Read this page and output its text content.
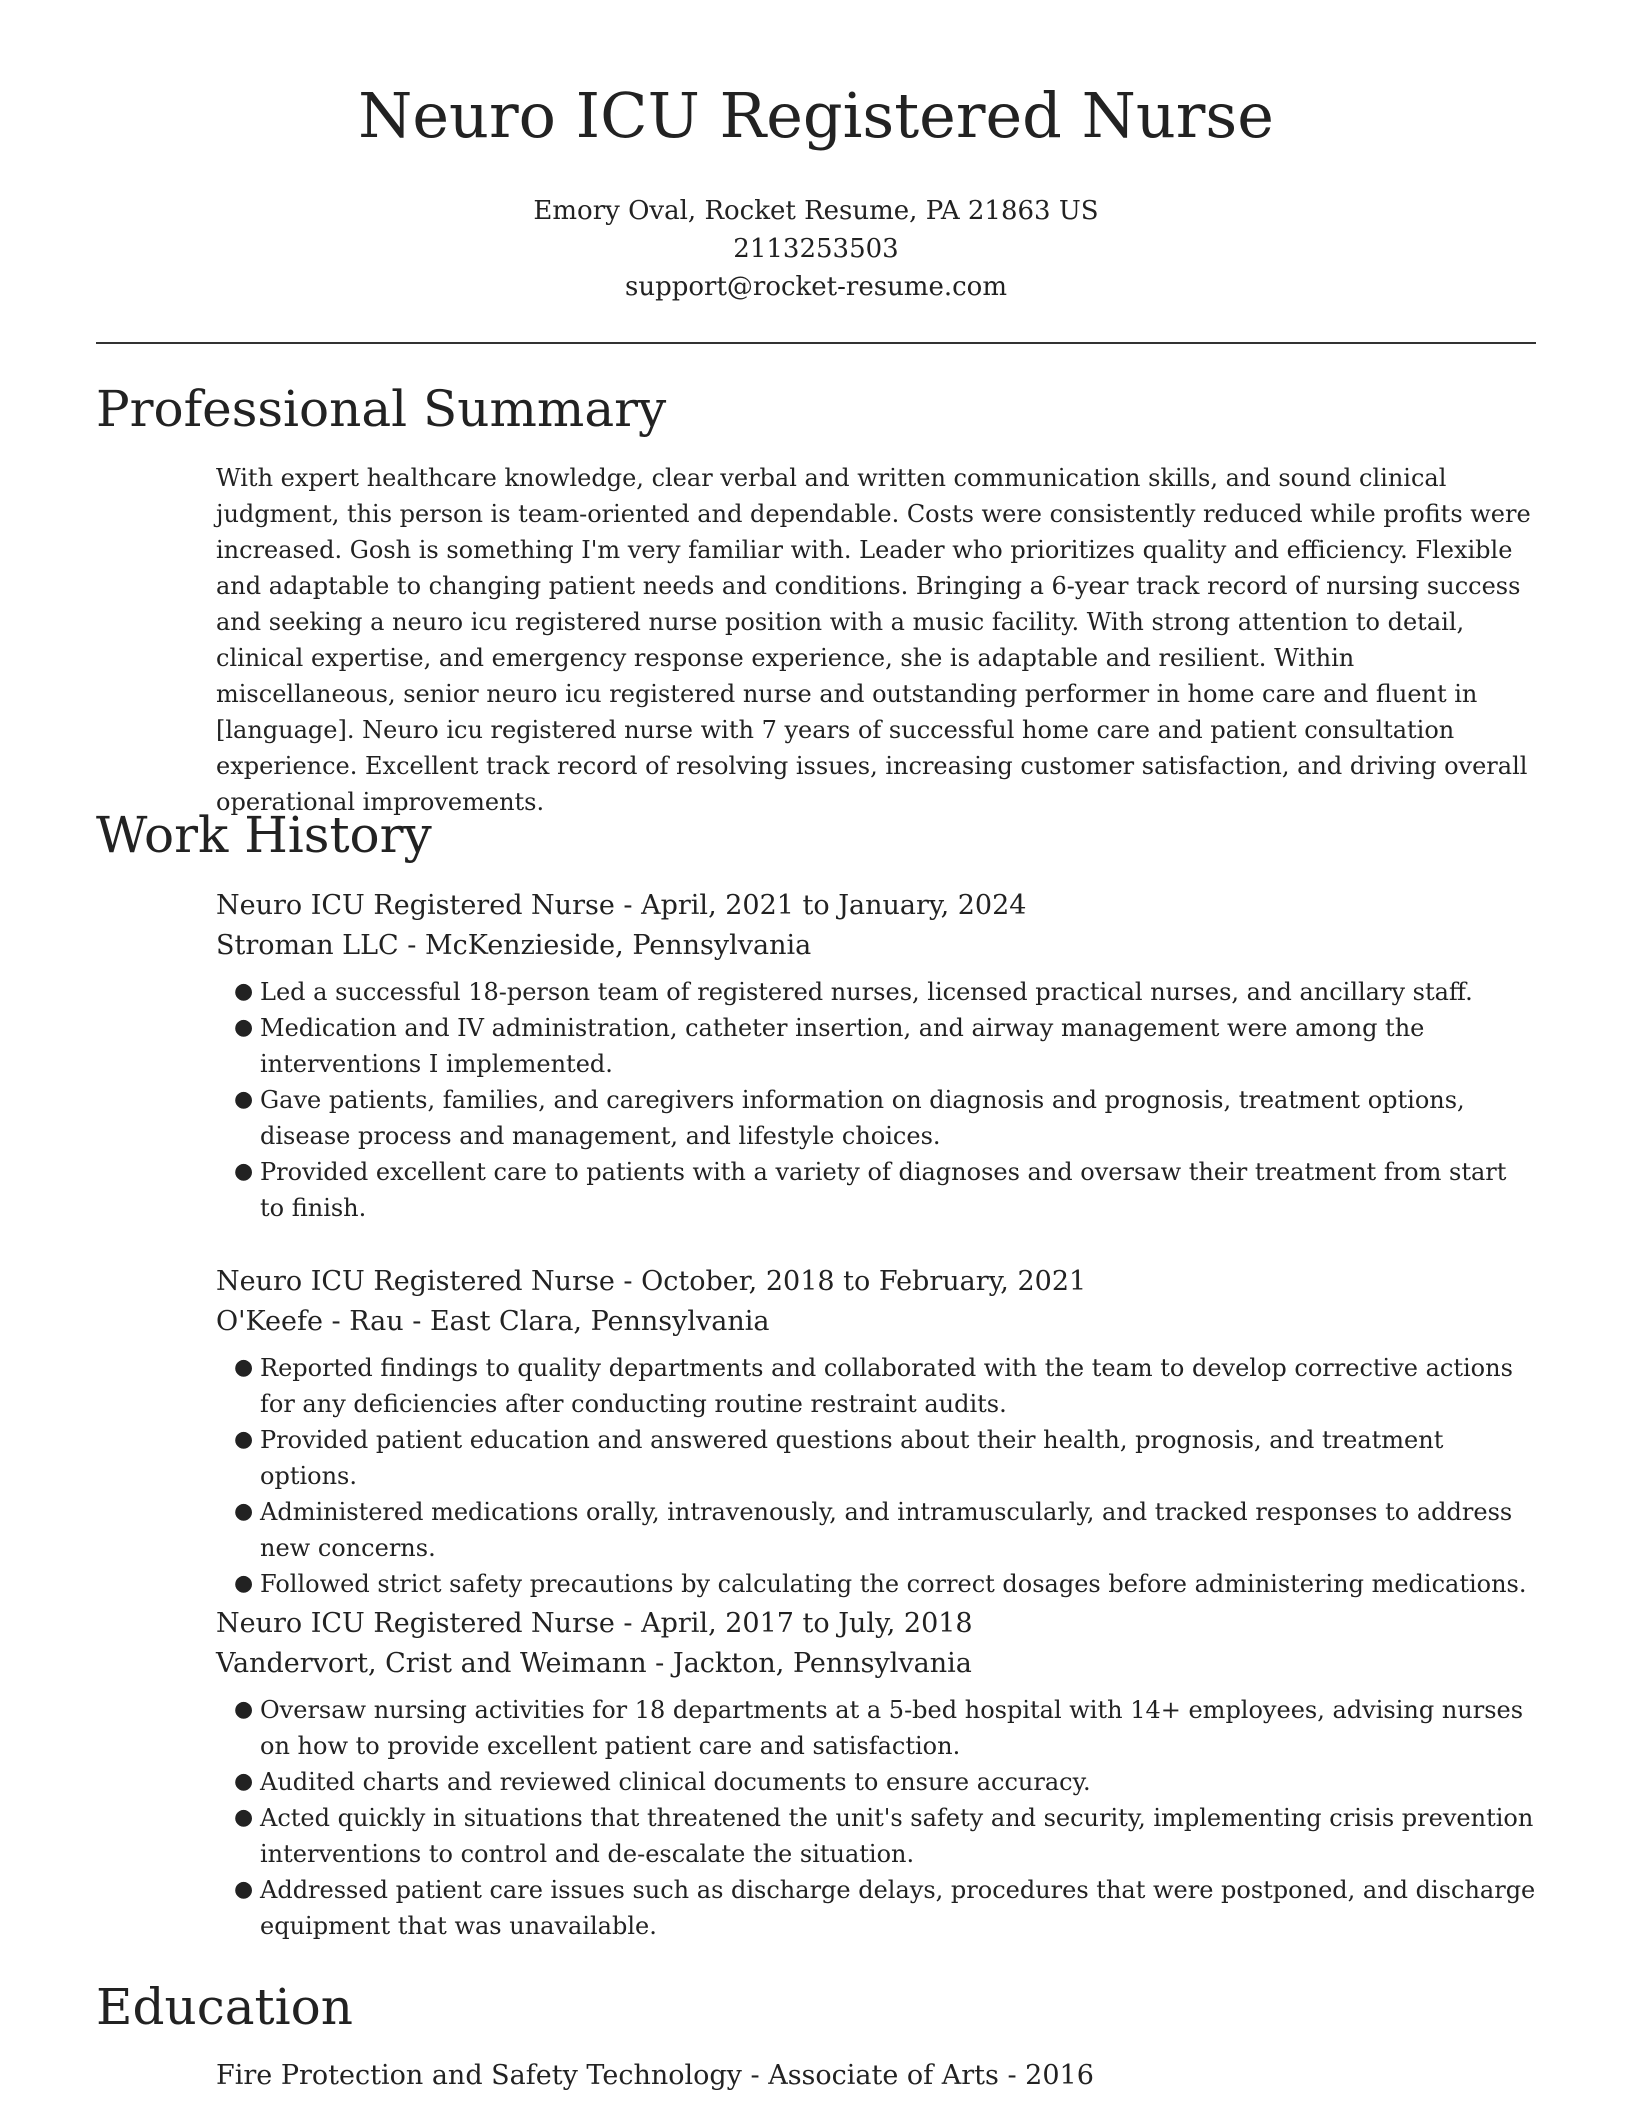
Neuro ICU Registered Nurse
Emory Oval, Rocket Resume, PA 21863 US
2113253503
support@rocket-resume.com
Professional Summary

With expert healthcare knowledge, clear verbal and written communication skills, and sound clinical judgment, this person is team-oriented and dependable. Costs were consistently reduced while profits were increased. Gosh is something I'm very familiar with. Leader who prioritizes quality and efficiency. Flexible and adaptable to changing patient needs and conditions. Bringing a 6-year track record of nursing success and seeking a neuro icu registered nurse position with a music facility. With strong attention to detail, clinical expertise, and emergency response experience, she is adaptable and resilient. Within miscellaneous, senior neuro icu registered nurse and outstanding performer in home care and fluent in [language]. Neuro icu registered nurse with 7 years of successful home care and patient consultation experience. Excellent track record of resolving issues, increasing customer satisfaction, and driving overall operational improvements.

Work History
Neuro ICU Registered Nurse - April, 2021 to January, 2024
Stroman LLC - McKenzieside, Pennsylvania
● Led a successful 18-person team of registered nurses, licensed practical nurses, and ancillary staff.
● Medication and IV administration, catheter insertion, and airway management were among the interventions I implemented.
● Gave patients, families, and caregivers information on diagnosis and prognosis, treatment options, disease process and management, and lifestyle choices.
● Provided excellent care to patients with a variety of diagnoses and oversaw their treatment from start to finish.
Neuro ICU Registered Nurse - October, 2018 to February, 2021
O'Keefe - Rau - East Clara, Pennsylvania
● Reported findings to quality departments and collaborated with the team to develop corrective actions for any deficiencies after conducting routine restraint audits.
● Provided patient education and answered questions about their health, prognosis, and treatment options.
● Administered medications orally, intravenously, and intramuscularly, and tracked responses to address new concerns.
● Followed strict safety precautions by calculating the correct dosages before administering medications.
Neuro ICU Registered Nurse - April, 2017 to July, 2018
Vandervort, Crist and Weimann - Jackton, Pennsylvania
● Oversaw nursing activities for 18 departments at a 5-bed hospital with 14+ employees, advising nurses on how to provide excellent patient care and satisfaction.
● Audited charts and reviewed clinical documents to ensure accuracy.
● Acted quickly in situations that threatened the unit's safety and security, implementing crisis prevention interventions to control and de-escalate the situation.
● Addressed patient care issues such as discharge delays, procedures that were postponed, and discharge equipment that was unavailable.
Education
Fire Protection and Safety Technology - Associate of Arts - 2016
